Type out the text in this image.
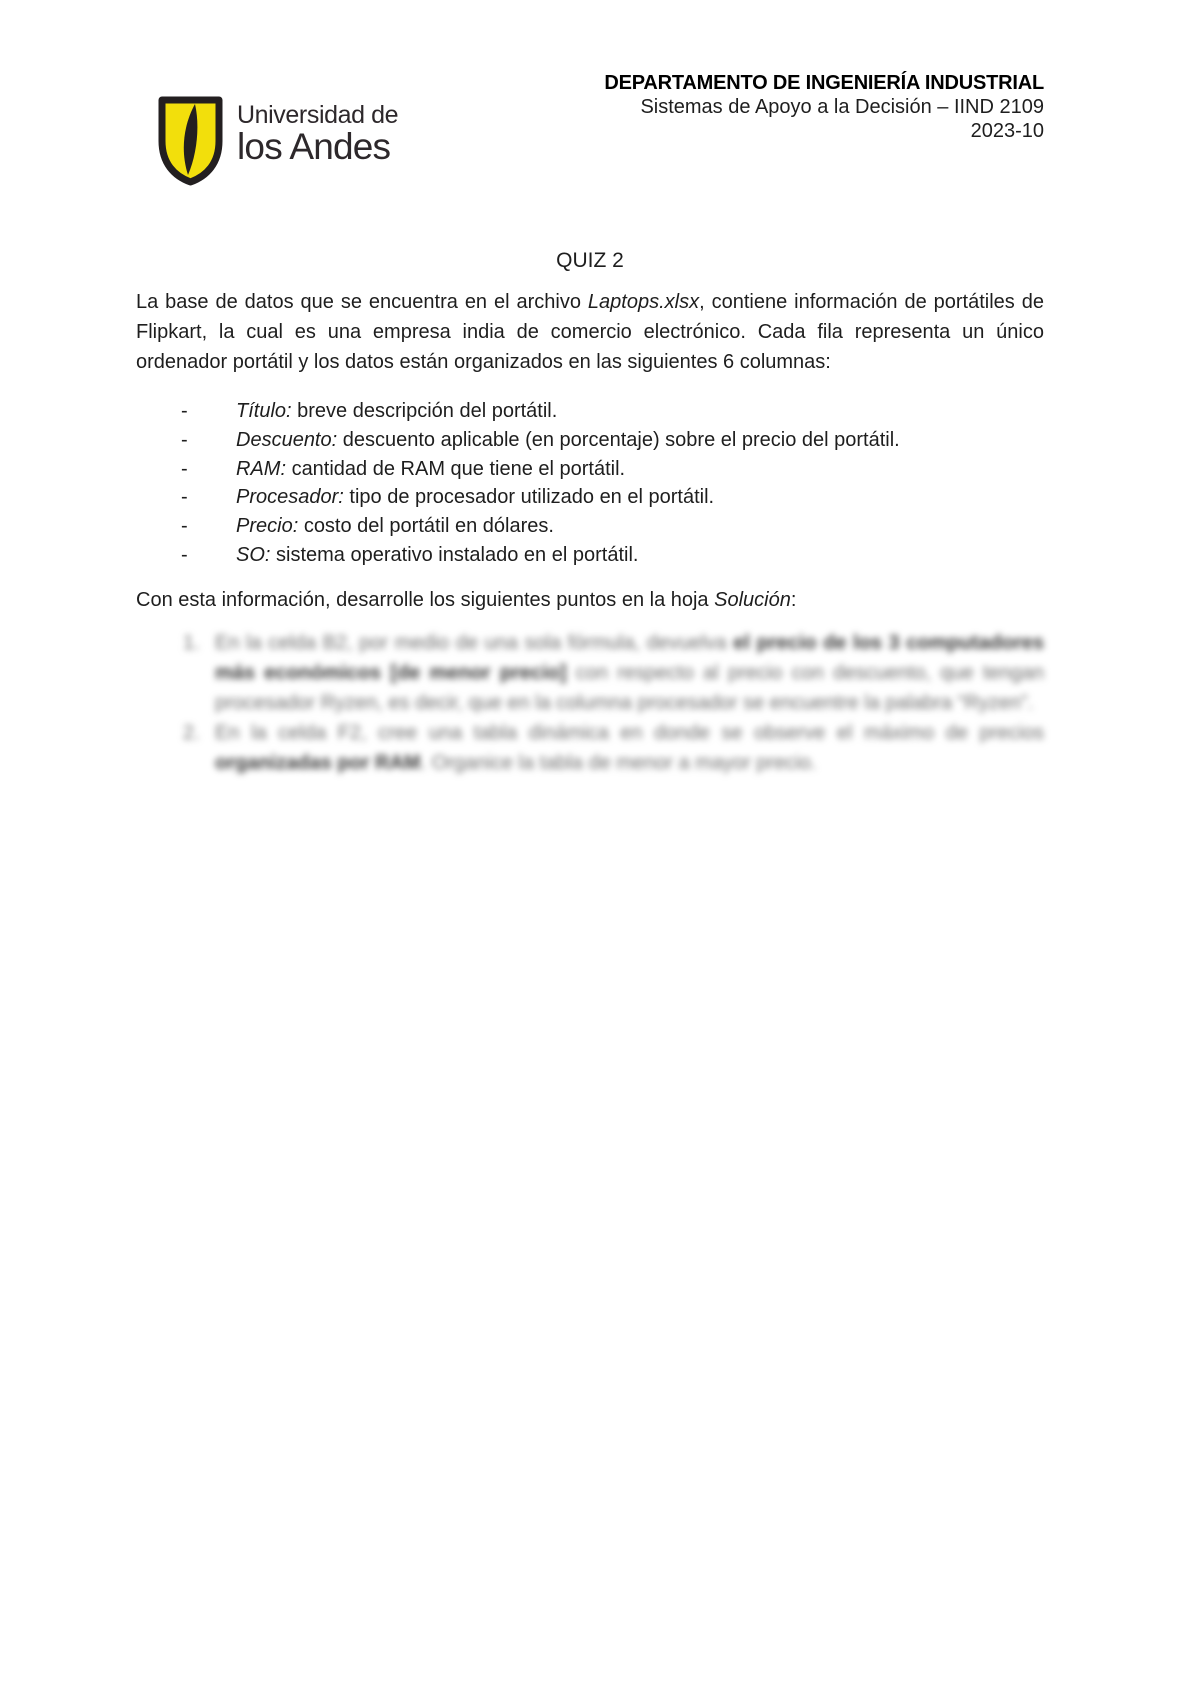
DEPARTAMENTO DE INGENIERÍA INDUSTRIAL
Sistemas de Apoyo a la Decisión – IIND 2109
2023-10
Universidad de
los Andes
QUIZ 2

La base de datos que se encuentra en el archivo Laptops.xlsx, contiene información de portátiles de Flipkart, la cual es una empresa india de comercio electrónico. Cada fila representa un único ordenador portátil y los datos están organizados en las siguientes 6 columnas:

- Título: breve descripción del portátil.
- Descuento: descuento aplicable (en porcentaje) sobre el precio del portátil.
- RAM: cantidad de RAM que tiene el portátil.
- Procesador: tipo de procesador utilizado en el portátil.
- Precio: costo del portátil en dólares.
- SO: sistema operativo instalado en el portátil.

Con esta información, desarrolle los siguientes puntos en la hoja Solución:

1. En la celda B2, por medio de una sola fórmula, devuelva el precio de los 3 computadores más económicos [de menor precio] con respecto al precio con descuento, que tengan procesador Ryzen, es decir, que en la columna procesador se encuentre la palabra “Ryzen”.
2. En la celda F2, cree una tabla dinámica en donde se observe el máximo de precios organizadas por RAM. Organice la tabla de menor a mayor precio.
